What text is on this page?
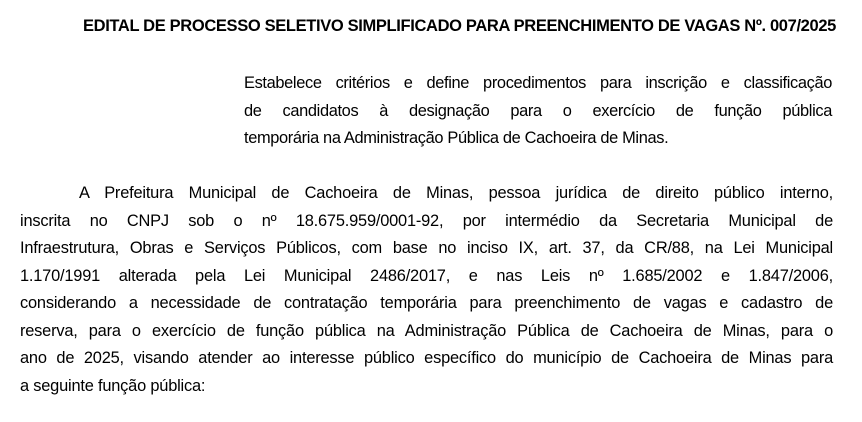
EDITAL DE PROCESSO SELETIVO SIMPLIFICADO PARA PREENCHIMENTO DE VAGAS Nº. 007/2025
Estabelece critérios e define procedimentos para inscrição e classificação
de candidatos à designação para o exercício de função pública
temporária na Administração Pública de Cachoeira de Minas.
A Prefeitura Municipal de Cachoeira de Minas, pessoa jurídica de direito público interno,
inscrita no CNPJ sob o nº 18.675.959/0001-92, por intermédio da Secretaria Municipal de
Infraestrutura, Obras e Serviços Públicos, com base no inciso IX, art. 37, da CR/88, na Lei Municipal
1.170/1991 alterada pela Lei Municipal 2486/2017, e nas Leis nº 1.685/2002 e 1.847/2006,
considerando a necessidade de contratação temporária para preenchimento de vagas e cadastro de
reserva, para o exercício de função pública na Administração Pública de Cachoeira de Minas, para o
ano de 2025, visando atender ao interesse público específico do município de Cachoeira de Minas para
a seguinte função pública:
